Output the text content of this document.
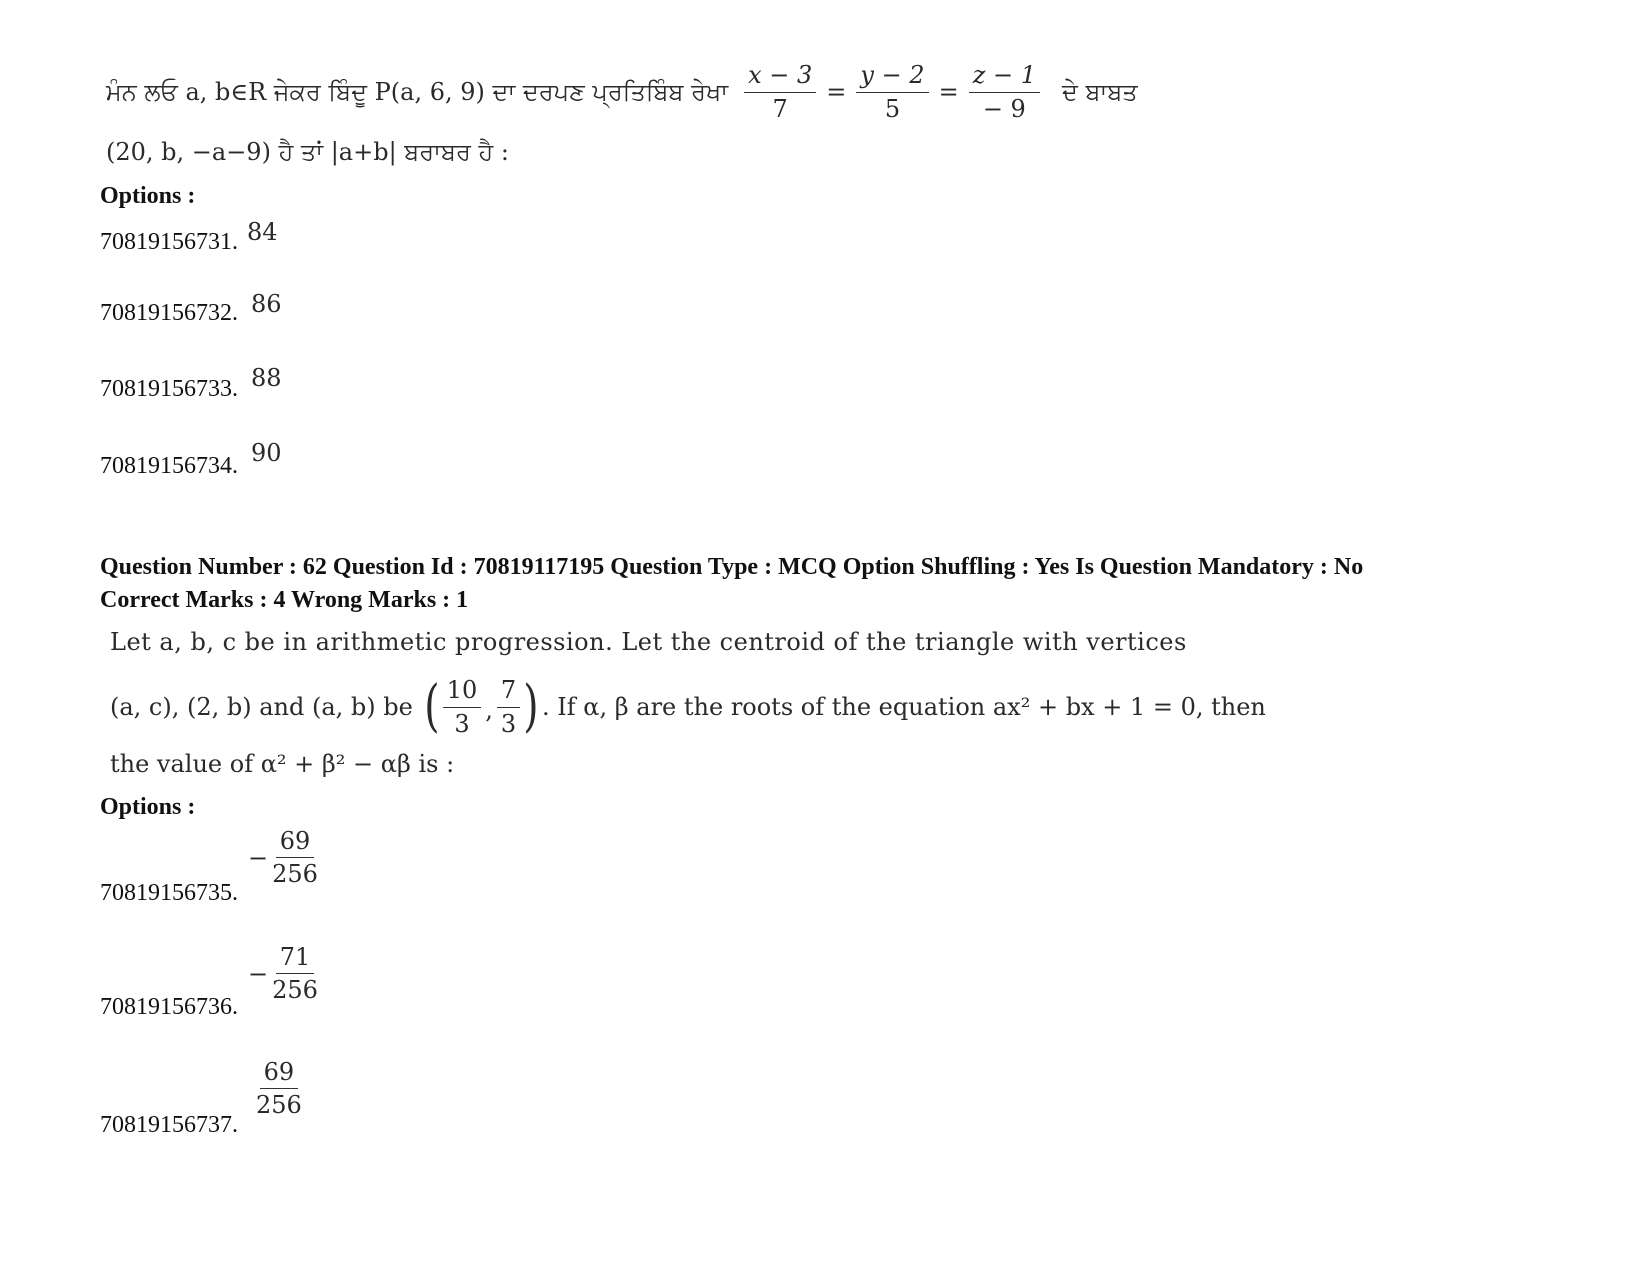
ਮੰਨ ਲਓ a, b∈R ਜੇਕਰ ਬਿੰਦੂ P(a, 6, 9) ਦਾ ਦਰਪਣ ਪ੍ਰਤਿਬਿੰਬ ਰੇਖਾ $\frac{x - 3}{7} = \frac{y - 2}{5} = \frac{z - 1}{- 9}$ ਦੇ ਬਾਬਤ
(20, b, −a−9) ਹੈ ਤਾਂ |a+b| ਬਰਾਬਰ ਹੈ :
Options :
70819156731. 84
70819156732. 86
70819156733. 88
70819156734. 90
Question Number : 62 Question Id : 70819117195 Question Type : MCQ Option Shuffling : Yes Is Question Mandatory : No
Correct Marks : 4 Wrong Marks : 1
Let a, b, c be in arithmetic progression. Let the centroid of the triangle with vertices
(a, c), (2, b) and (a, b) be ( $\frac{10}{3}$ , $\frac{7}{3}$ ) . If α, β are the roots of the equation ax² + bx + 1 = 0, then
the value of α² + β² − αβ is :
Options :
70819156735.
− $\frac{69}{256}$
70819156736.
− $\frac{71}{256}$
70819156737.
$\frac{69}{256}$
